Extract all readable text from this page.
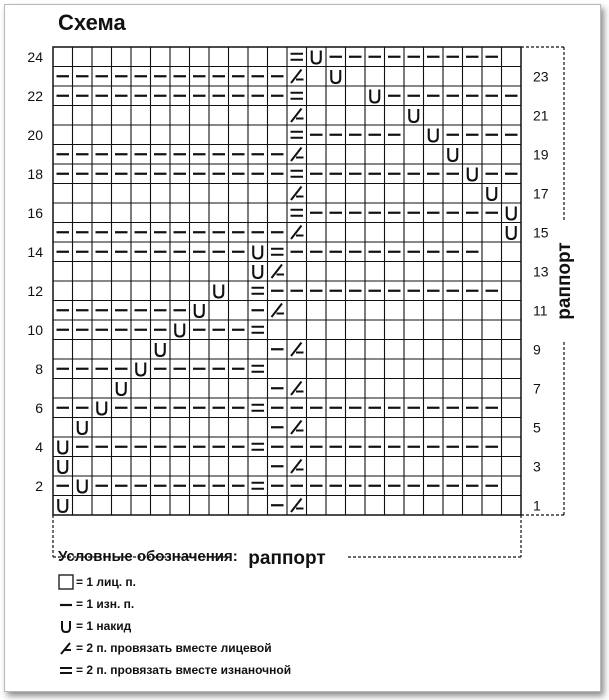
Схема
2
4
6
8
10
12
14
16
18
20
22
24
1
3
5
7
9
11
13
15
17
19
21
23
раппорт
раппорт
Условные обозначения:
= 1 лиц. п.
= 1 изн. п.
= 1 накид
= 2 п. провязать вместе лицевой
= 2 п. провязать вместе изнаночной
